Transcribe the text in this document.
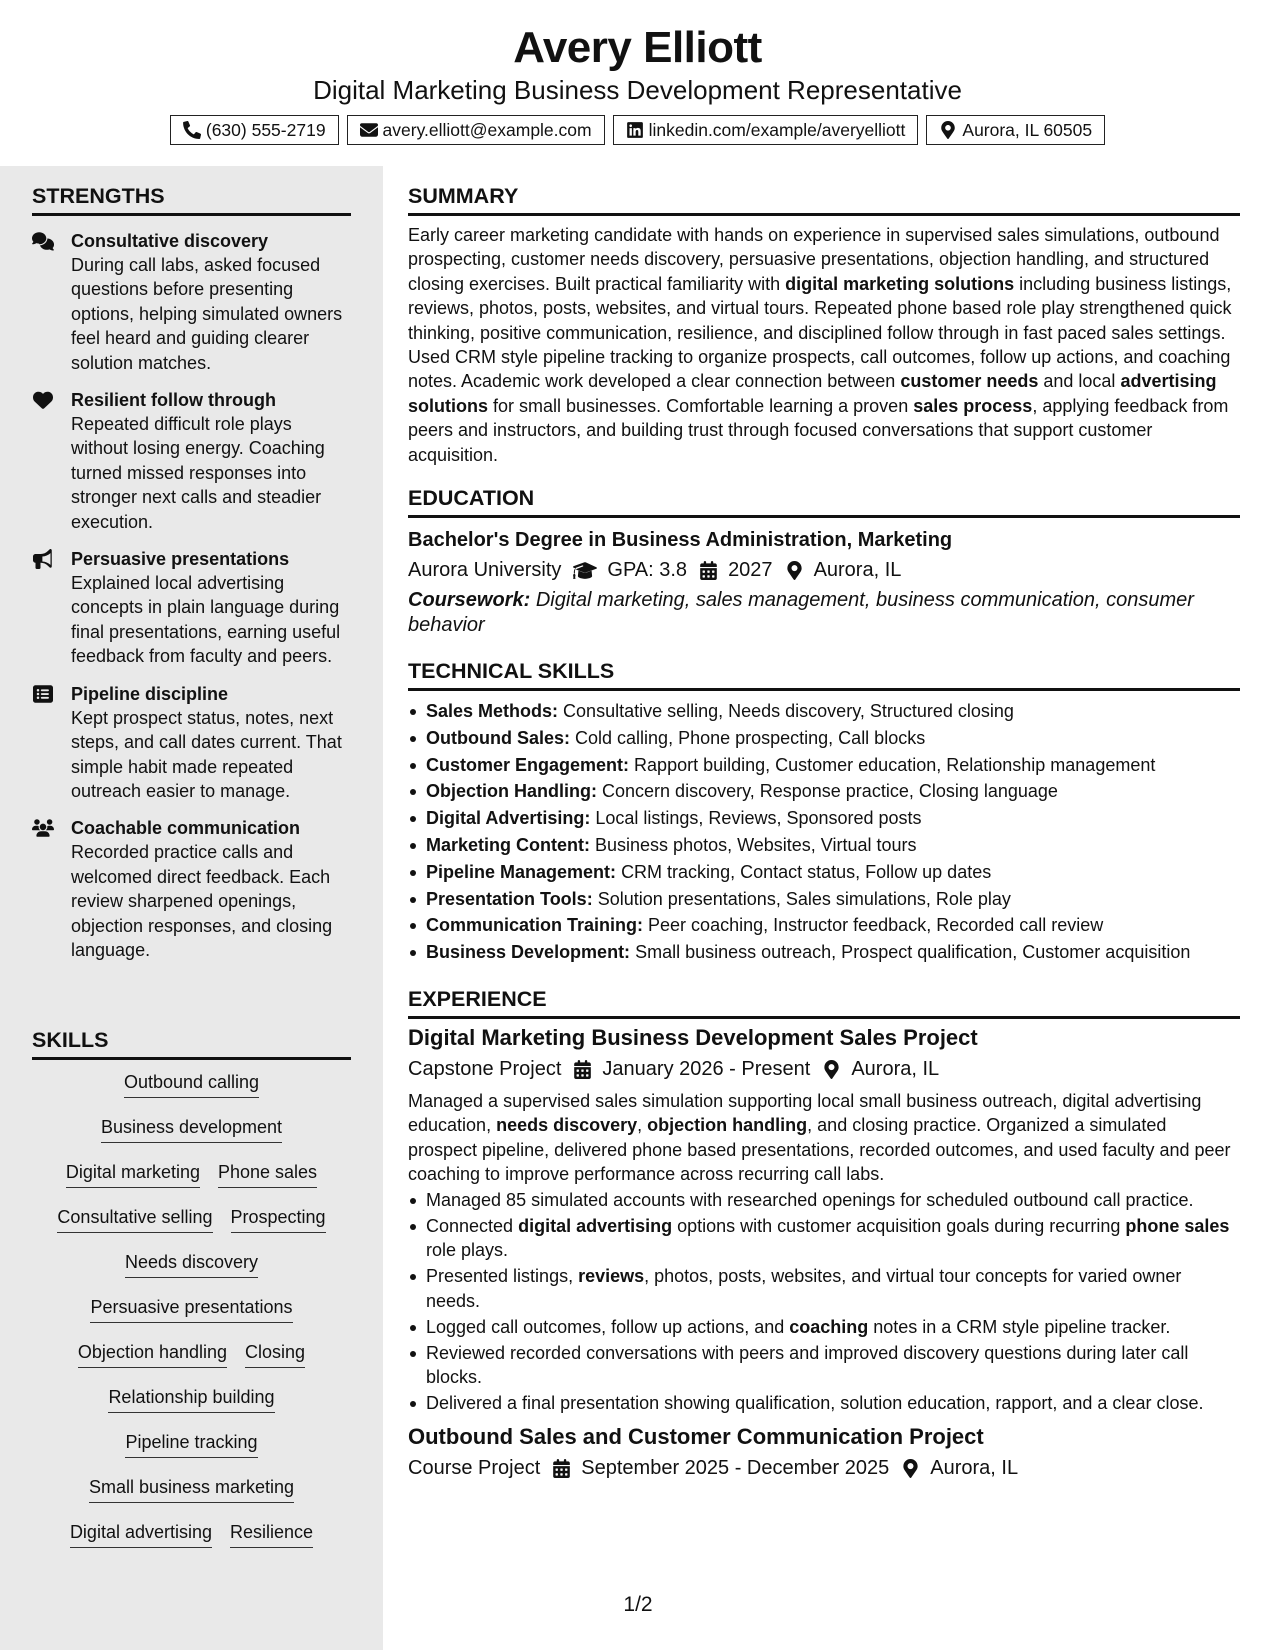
Avery Elliott
Digital Marketing Business Development Representative
(630) 555-2719	avery.elliott@example.com	linkedin.com/example/averyelliott	Aurora, IL 60505
STRENGTHS
Consultative discovery
During call labs, asked focused questions before presenting options, helping simulated owners feel heard and guiding clearer solution matches.
Resilient follow through
Repeated difficult role plays without losing energy. Coaching turned missed responses into stronger next calls and steadier execution.
Persuasive presentations
Explained local advertising concepts in plain language during final presentations, earning useful feedback from faculty and peers.
Pipeline discipline
Kept prospect status, notes, next steps, and call dates current. That simple habit made repeated outreach easier to manage.
Coachable communication
Recorded practice calls and welcomed direct feedback. Each review sharpened openings, objection responses, and closing language.
SKILLS
Outbound calling
Business development
Digital marketing Phone sales
Consultative selling Prospecting
Needs discovery
Persuasive presentations
Objection handling Closing
Relationship building
Pipeline tracking
Small business marketing
Digital advertising Resilience
SUMMARY
Early career marketing candidate with hands on experience in supervised sales simulations, outbound prospecting, customer needs discovery, persuasive presentations, objection handling, and structured closing exercises. Built practical familiarity with digital marketing solutions including business listings, reviews, photos, posts, websites, and virtual tours. Repeated phone based role play strengthened quick thinking, positive communication, resilience, and disciplined follow through in fast paced sales settings. Used CRM style pipeline tracking to organize prospects, call outcomes, follow up actions, and coaching notes. Academic work developed a clear connection between customer needs and local advertising solutions for small businesses. Comfortable learning a proven sales process, applying feedback from peers and instructors, and building trust through focused conversations that support customer acquisition.
EDUCATION
Bachelor's Degree in Business Administration, Marketing
Aurora University GPA: 3.8 2027 Aurora, IL
Coursework: Digital marketing, sales management, business communication, consumer behavior
TECHNICAL SKILLS
Sales Methods: Consultative selling, Needs discovery, Structured closing
Outbound Sales: Cold calling, Phone prospecting, Call blocks
Customer Engagement: Rapport building, Customer education, Relationship management
Objection Handling: Concern discovery, Response practice, Closing language
Digital Advertising: Local listings, Reviews, Sponsored posts
Marketing Content: Business photos, Websites, Virtual tours
Pipeline Management: CRM tracking, Contact status, Follow up dates
Presentation Tools: Solution presentations, Sales simulations, Role play
Communication Training: Peer coaching, Instructor feedback, Recorded call review
Business Development: Small business outreach, Prospect qualification, Customer acquisition
EXPERIENCE
Digital Marketing Business Development Sales Project
Capstone Project January 2026 - Present Aurora, IL
Managed a supervised sales simulation supporting local small business outreach, digital advertising education, needs discovery, objection handling, and closing practice. Organized a simulated prospect pipeline, delivered phone based presentations, recorded outcomes, and used faculty and peer coaching to improve performance across recurring call labs.
Managed 85 simulated accounts with researched openings for scheduled outbound call practice.
Connected digital advertising options with customer acquisition goals during recurring phone sales role plays.
Presented listings, reviews, photos, posts, websites, and virtual tour concepts for varied owner needs.
Logged call outcomes, follow up actions, and coaching notes in a CRM style pipeline tracker.
Reviewed recorded conversations with peers and improved discovery questions during later call blocks.
Delivered a final presentation showing qualification, solution education, rapport, and a clear close.
Outbound Sales and Customer Communication Project
Course Project September 2025 - December 2025 Aurora, IL
1/2
